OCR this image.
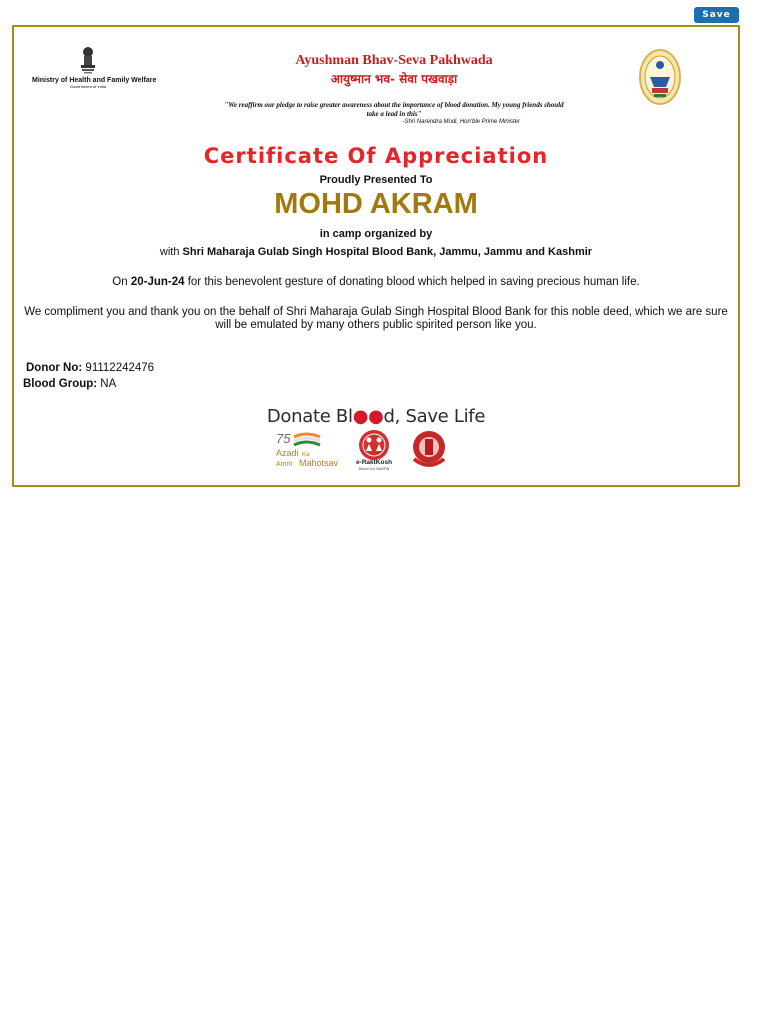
Save
Ministry of Health and Family Welfare
Government of India
Ayushman Bhav-Seva Pakhwada
आयुष्मान भव- सेवा पखवाड़ा
"We reaffirm our pledge to raise greater awareness about the importance of blood donation. My young friends should take a lead in this"
-Shri Narendra Modi, Hon'ble Prime Minister
Certificate Of Appreciation
Proudly Presented To
MOHD AKRAM
in camp organized by
with Shri Maharaja Gulab Singh Hospital Blood Bank, Jammu, Jammu and Kashmir
On 20-Jun-24 for this benevolent gesture of donating blood which helped in saving precious human life.
We compliment you and thank you on the behalf of Shri Maharaja Gulab Singh Hospital Blood Bank for this noble deed, which we are sure will be emulated by many others public spirited person like you.
Donor No: 91112242476
Blood Group: NA
Donate Bl●●d, Save Life
75
Azadi Ka
Amrit Mahotsav	e-RaktKosh
Blood Cell, MoHFW
